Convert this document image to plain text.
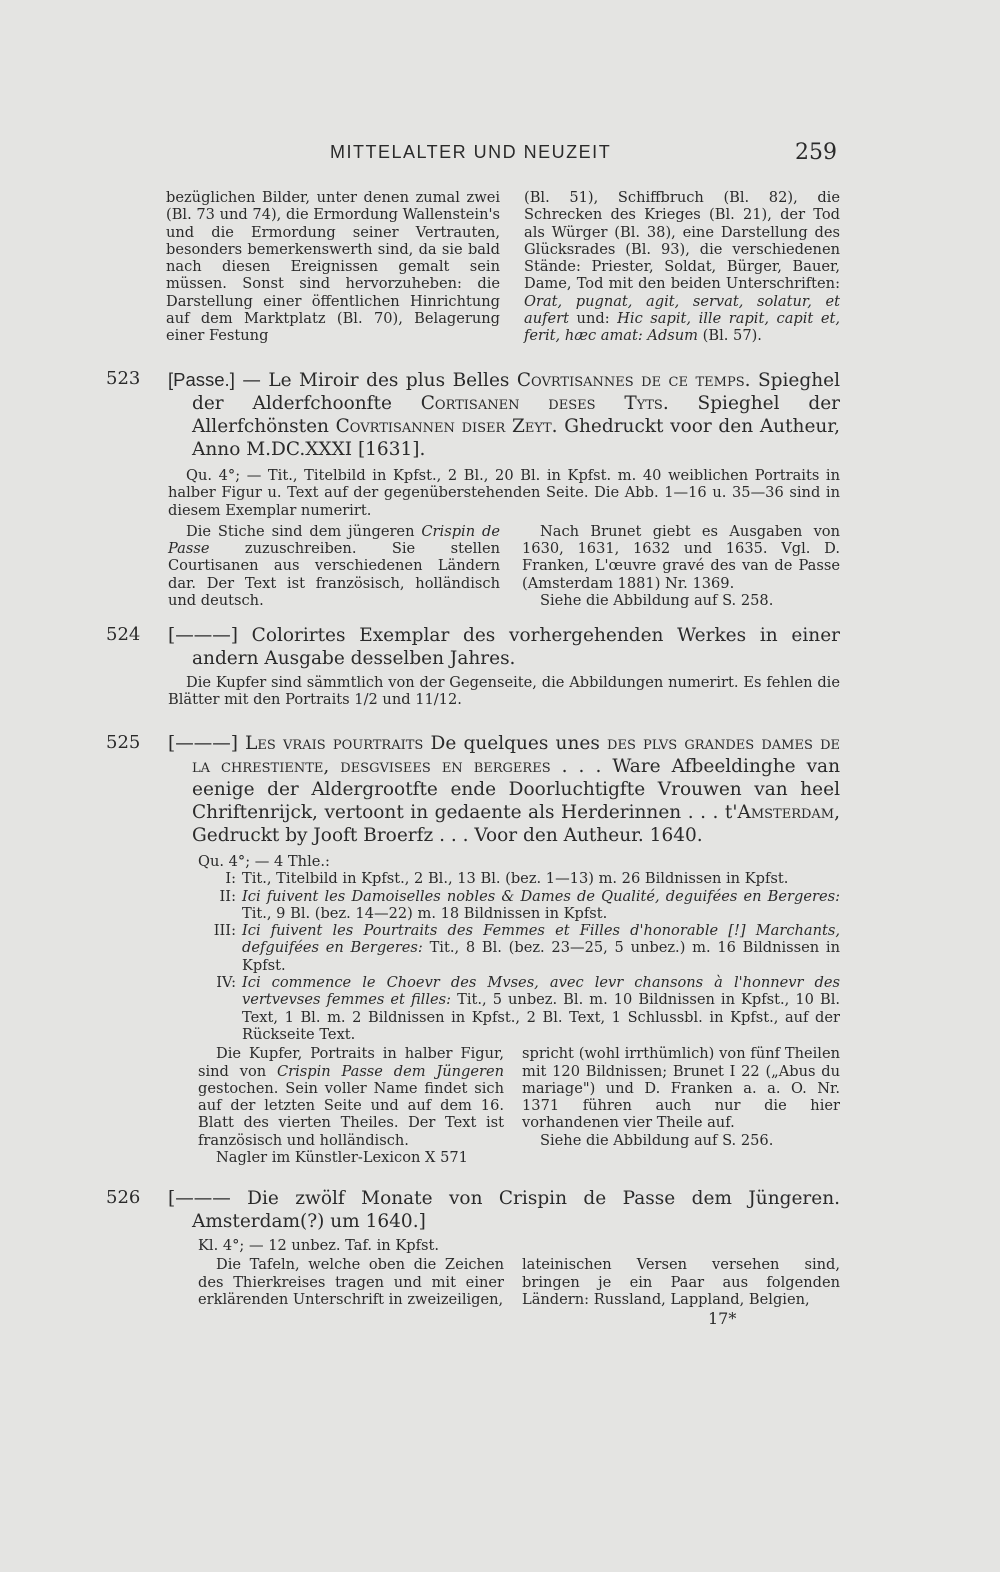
MITTELALTER UND NEUZEIT	259

bezüglichen Bilder, unter denen zumal zwei (Bl. 73 und 74), die Ermordung Wallenstein's und die Ermordung seiner Vertrauten, besonders bemerkenswerth sind, da sie bald nach diesen Ereignissen gemalt sein müssen. Sonst sind hervorzuheben: die Darstellung einer öffentlichen Hinrichtung auf dem Marktplatz (Bl. 70), Belagerung einer Festung

(Bl. 51), Schiffbruch (Bl. 82), die Schrecken des Krieges (Bl. 21), der Tod als Würger (Bl. 38), eine Darstellung des Glücksrades (Bl. 93), die verschiedenen Stände: Priester, Soldat, Bürger, Bauer, Dame, Tod mit den beiden Unterschriften: Orat, pugnat, agit, servat, solatur, et aufert und: Hic sapit, ille rapit, capit et, ferit, hæc amat: Adsum (Bl. 57).

523 [Passe.] — Le Miroir des plus Belles Covrtisannes de ce temps. Spieghel der Alderfchoonfte Cortisanen deses Tyts. Spieghel der Allerfchönsten Covrtisannen diser Zeyt. Ghedruckt voor den Autheur, Anno M.DC.XXXI [1631].
Qu. 4°; — Tit., Titelbild in Kpfst., 2 Bl., 20 Bl. in Kpfst. m. 40 weiblichen Portraits in halber Figur u. Text auf der gegenüberstehenden Seite. Die Abb. 1—16 u. 35—36 sind in diesem Exemplar numerirt.
Die Stiche sind dem jüngeren Crispin de Passe zuzuschreiben. Sie stellen Courtisanen aus verschiedenen Ländern dar. Der Text ist französisch, holländisch und deutsch.

Nach Brunet giebt es Ausgaben von 1630, 1631, 1632 und 1635. Vgl. D. Franken, L'œuvre gravé des van de Passe (Amsterdam 1881) Nr. 1369.

Siehe die Abbildung auf S. 258.

524 [———] Colorirtes Exemplar des vorhergehenden Werkes in einer andern Ausgabe desselben Jahres.
Die Kupfer sind sämmtlich von der Gegenseite, die Abbildungen numerirt. Es fehlen die Blätter mit den Portraits 1/2 und 11/12.
525 [———] Les vrais pourtraits De quelques unes des plvs grandes dames de la chrestiente, desgvisees en bergeres . . . Ware Afbeeldinghe van eenige der Aldergrootfte ende Doorluchtigfte Vrouwen van heel Chriftenrijck, vertoont in gedaente als Herderinnen . . . t'Amsterdam, Gedruckt by Jooft Broerfz . . . Voor den Autheur. 1640.
Qu. 4°; — 4 Thle.:
I: Tit., Titelbild in Kpfst., 2 Bl., 13 Bl. (bez. 1—13) m. 26 Bildnissen in Kpfst.
II: Ici fuivent les Damoiselles nobles & Dames de Qualité, deguifées en Bergeres: Tit., 9 Bl. (bez. 14—22) m. 18 Bildnissen in Kpfst.
III: Ici fuivent les Pourtraits des Femmes et Filles d'honorable [!] Marchants, defguifées en Bergeres: Tit., 8 Bl. (bez. 23—25, 5 unbez.) m. 16 Bildnissen in Kpfst.
IV: Ici commence le Choevr des Mvses, avec levr chansons à l'honnevr des vertvevses femmes et filles: Tit., 5 unbez. Bl. m. 10 Bildnissen in Kpfst., 10 Bl. Text, 1 Bl. m. 2 Bildnissen in Kpfst., 2 Bl. Text, 1 Schlussbl. in Kpfst., auf der Rückseite Text.

Die Kupfer, Portraits in halber Figur, sind von Crispin Passe dem Jüngeren gestochen. Sein voller Name findet sich auf der letzten Seite und auf dem 16. Blatt des vierten Theiles. Der Text ist französisch und holländisch.

Nagler im Künstler-Lexicon X 571

spricht (wohl irrthümlich) von fünf Theilen mit 120 Bildnissen; Brunet I 22 („Abus du mariage") und D. Franken a. a. O. Nr. 1371 führen auch nur die hier vorhandenen vier Theile auf.

Siehe die Abbildung auf S. 256.

526 [——— Die zwölf Monate von Crispin de Passe dem Jüngeren. Amsterdam(?) um 1640.]
Kl. 4°; — 12 unbez. Taf. in Kpfst.
Die Tafeln, welche oben die Zeichen des Thierkreises tragen und mit einer erklärenden Unterschrift in zweizeiligen,
lateinischen Versen versehen sind, bringen je ein Paar aus folgenden Ländern: Russland, Lappland, Belgien,
17*
